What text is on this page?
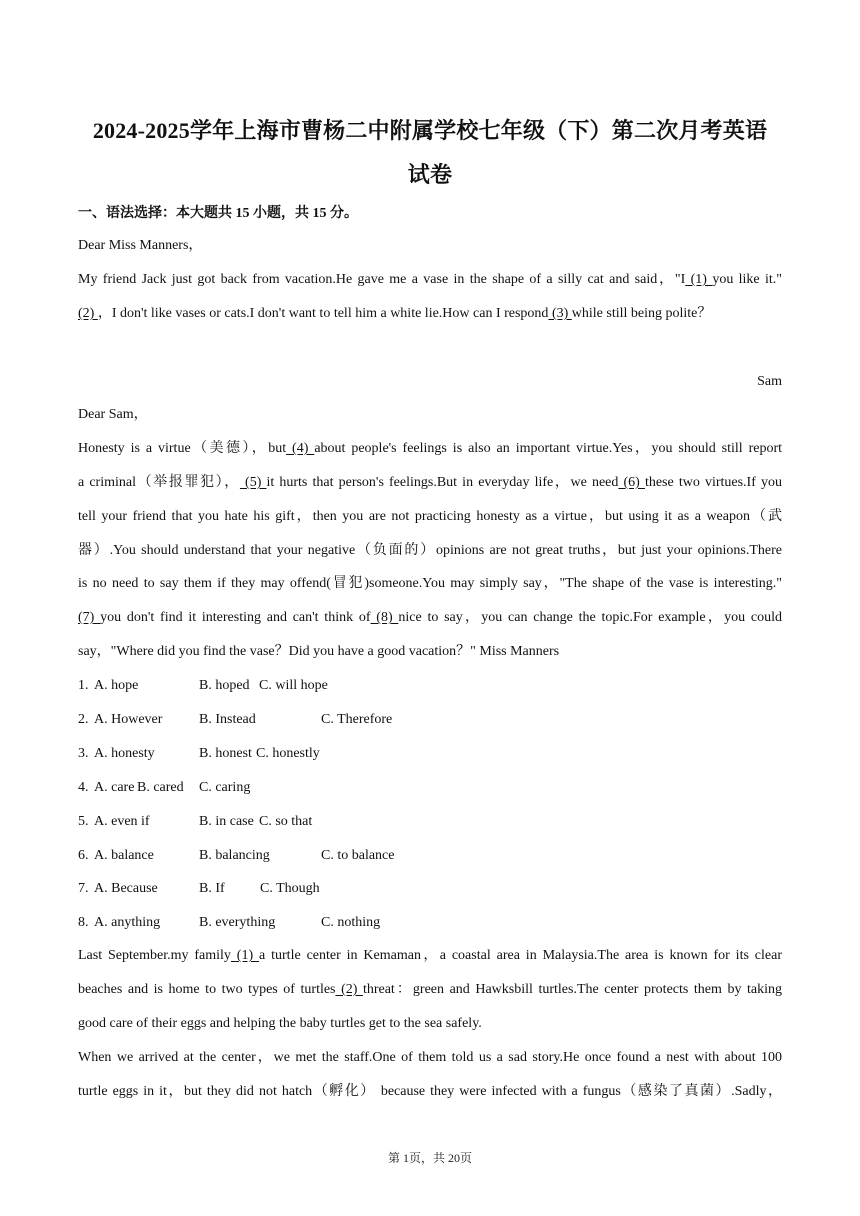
2024-2025学年上海市曹杨二中附属学校七年级（下）第二次月考英语
试卷
一、语法选择：本大题共 15 小题，共 15 分。
Dear Miss Manners，
My friend Jack just got back from vacation.He gave me a vase in the shape of a silly cat and said，"I (1) you like it."
(2) ，I don't like vases or cats.I don't want to tell him a white lie.How can I respond (3) while still being polite？
Sam
Dear Sam，
Honesty is a virtue（美德），but (4) about people's feelings is also an important virtue.Yes，you should still report
a criminal（举报罪犯）， (5) it hurts that person's feelings.But in everyday life，we need (6) these two virtues.If you
tell your friend that you hate his gift，then you are not practicing honesty as a virtue，but using it as a weapon（武
器）.You should understand that your negative（负面的）opinions are not great truths，but just your opinions.There
is no need to say them if they may offend(冒犯)someone.You may simply say，"The shape of the vase is interesting."
(7) you don't find it interesting and can't think of (8) nice to say，you can change the topic.For example，you could
say，"Where did you find the vase？Did you have a good vacation？" Miss Manners
1. A. hope	B. hoped C. will hope
2. A. However	B. Instead	C. Therefore
3. A. honesty	B. honest C. honestly
4. A. care B. cared C. caring
5. A. even if	B. in case C. so that
6. A. balance	B. balancing	C. to balance
7. A. Because	B. If	C. Though
8. A. anything	B. everything	C. nothing
Last September.my family (1) a turtle center in Kemaman，a coastal area in Malaysia.The area is known for its clear
beaches and is home to two types of turtles (2) threat：green and Hawksbill turtles.The center protects them by taking
good care of their eggs and helping the baby turtles get to the sea safely.
When we arrived at the center，we met the staff.One of them told us a sad story.He once found a nest with about 100
turtle eggs in it，but they did not hatch（孵化） because they were infected with a fungus（感染了真菌）.Sadly，
第 1页，共 20页
